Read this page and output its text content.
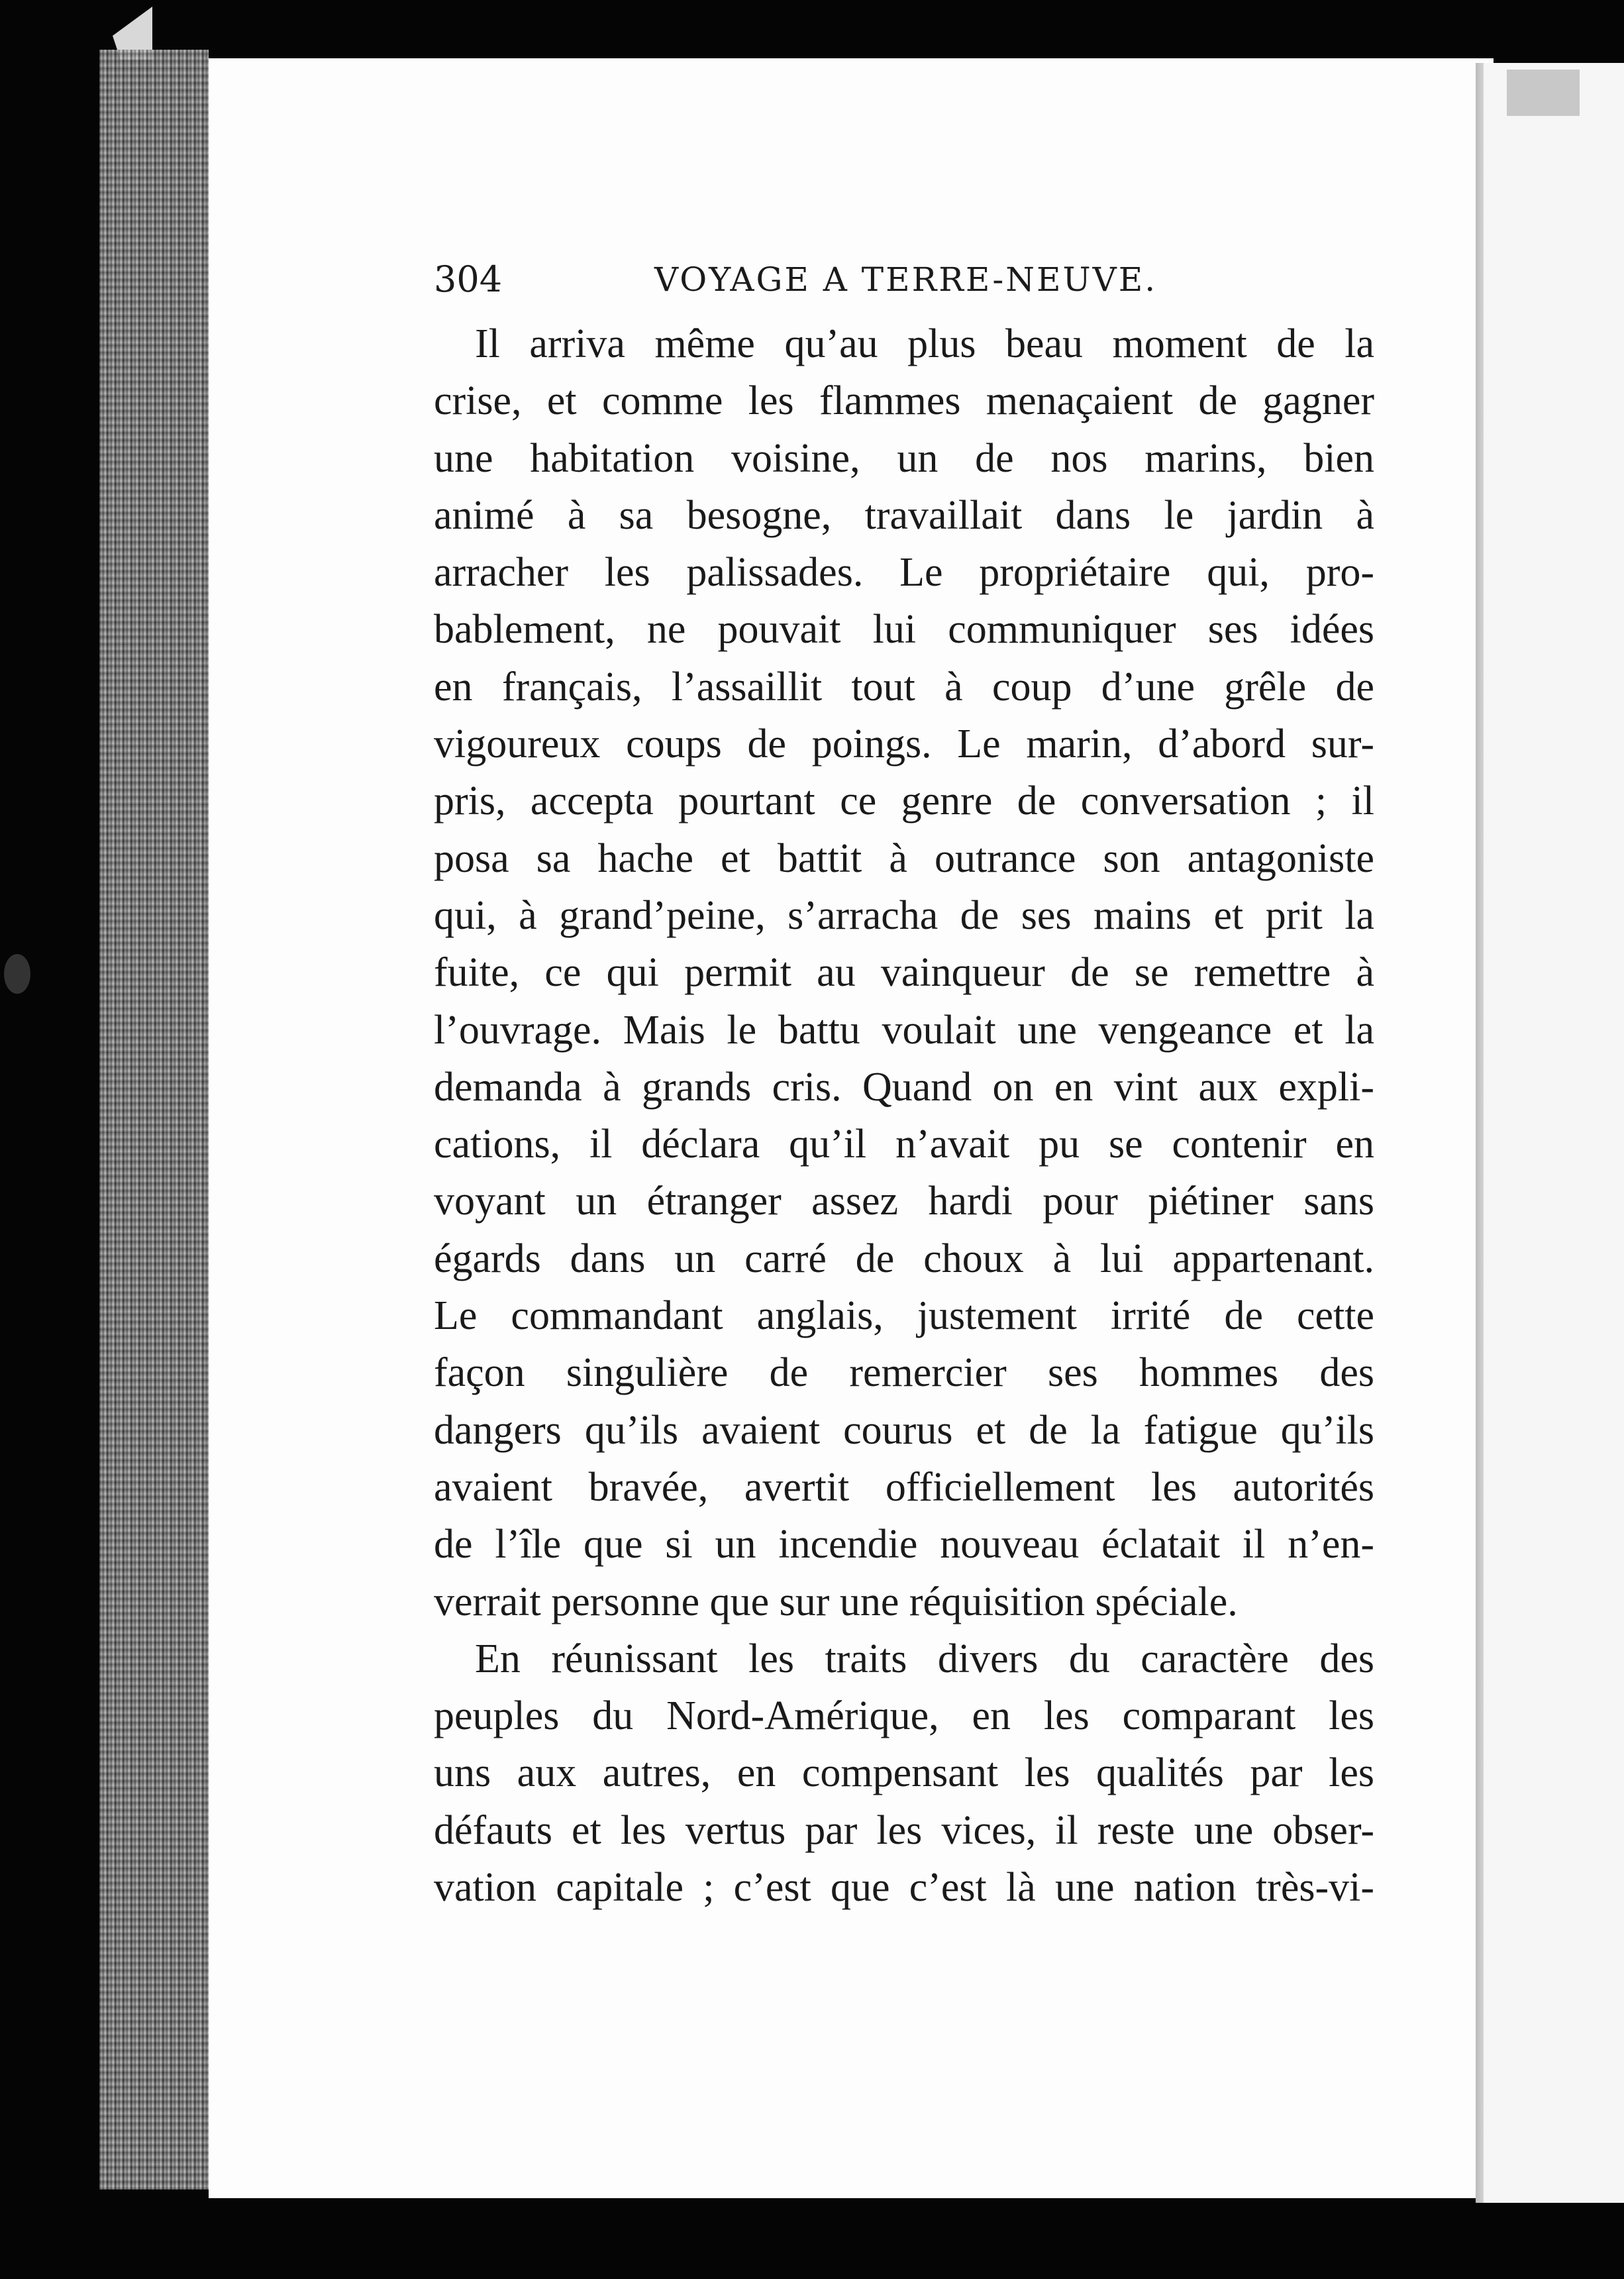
304	VOYAGE A TERRE-NEUVE.
Il arriva même qu’au plus beau moment de la
crise, et comme les flammes menaçaient de gagner
une habitation voisine, un de nos marins, bien
animé à sa besogne, travaillait dans le jardin à
arracher les palissades. Le propriétaire qui, pro-
bablement, ne pouvait lui communiquer ses idées
en français, l’assaillit tout à coup d’une grêle de
vigoureux coups de poings. Le marin, d’abord sur-
pris, accepta pourtant ce genre de conversation ; il
posa sa hache et battit à outrance son antagoniste
qui, à grand’peine, s’arracha de ses mains et prit la
fuite, ce qui permit au vainqueur de se remettre à
l’ouvrage. Mais le battu voulait une vengeance et la
demanda à grands cris. Quand on en vint aux expli-
cations, il déclara qu’il n’avait pu se contenir en
voyant un étranger assez hardi pour piétiner sans
égards dans un carré de choux à lui appartenant.
Le commandant anglais, justement irrité de cette
façon singulière de remercier ses hommes des
dangers qu’ils avaient courus et de la fatigue qu’ils
avaient bravée, avertit officiellement les autorités
de l’île que si un incendie nouveau éclatait il n’en-
verrait personne que sur une réquisition spéciale.
En réunissant les traits divers du caractère des
peuples du Nord-Amérique, en les comparant les
uns aux autres, en compensant les qualités par les
défauts et les vertus par les vices, il reste une obser-
vation capitale ; c’est que c’est là une nation très-vi-
